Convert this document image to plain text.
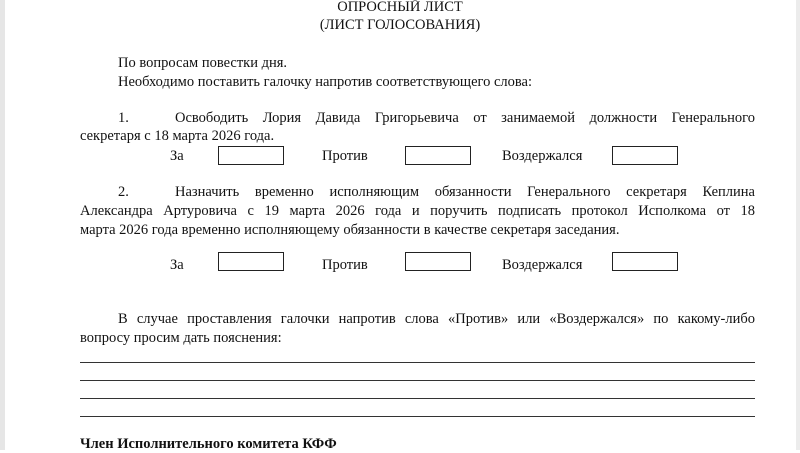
ОПРОСНЫЙ ЛИСТ
(ЛИСТ ГОЛОСОВАНИЯ)
По вопросам повестки дня.
Необходимо поставить галочку напротив соответствующего слова:
1.	Освободить Лория Давида Григорьевича от занимаемой должности Генерального
секретаря с 18 марта 2026 года.
За	Против	Воздержался
2.	Назначить временно исполняющим обязанности Генерального секретаря Кеплина
Александра Артуровича с 19 марта 2026 года и поручить подписать протокол Исполкома от 18
марта 2026 года временно исполняющему обязанности в качестве секретаря заседания.
За	Против	Воздержался
В случае проставления галочки напротив слова «Против» или «Воздержался» по какому-либо
вопросу просим дать пояснения:
Член Исполнительного комитета КФФ
